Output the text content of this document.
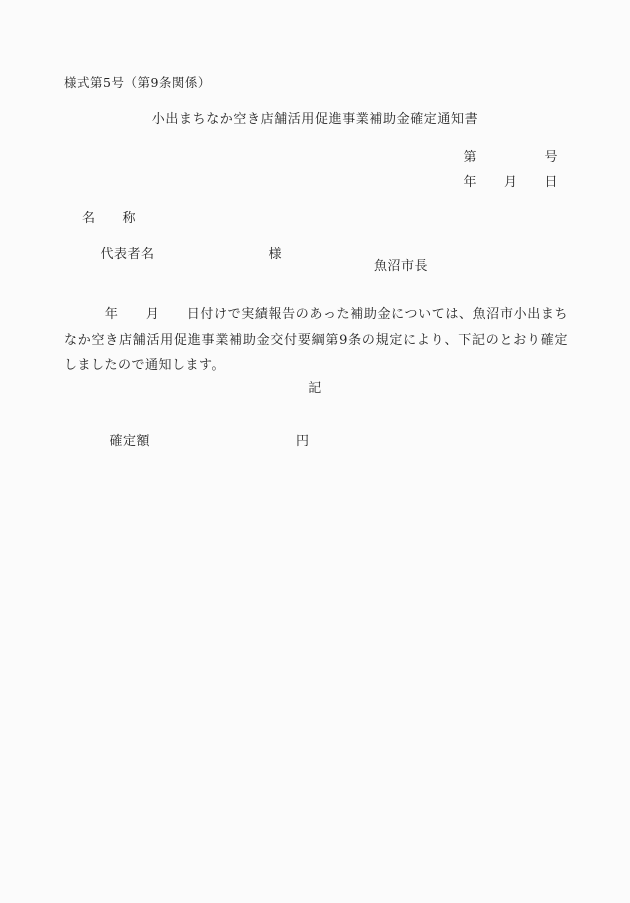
様式第5号（第9条関係）
小出まちなか空き店舗活用促進事業補助金確定通知書
第　　　　　号
年　　月　　日
名　　称

代表者名	様

魚沼市長

　　　年　　月　　日付けで実績報告のあった補助金については、魚沼市小出まちなか空き店舗活用促進事業補助金交付要綱第9条の規定により、下記のとおり確定しましたので通知します。

記

確定額	円
